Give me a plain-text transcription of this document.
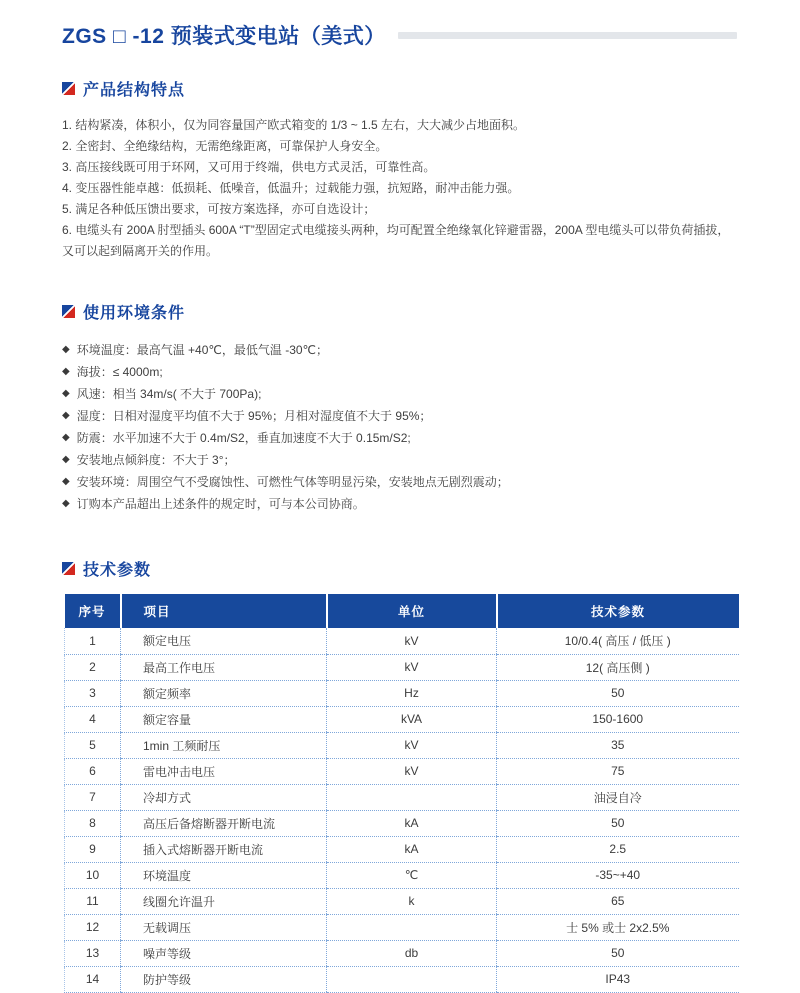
ZGS □ -12 预装式变电站（美式）
产品结构特点

1. 结构紧凑，体积小，仅为同容量国产欧式箱变的 1/3 ~ 1.5 左右，大大减少占地面积。

2. 全密封、全绝缘结构，无需绝缘距离，可靠保护人身安全。

3. 高压接线既可用于环网，又可用于终端，供电方式灵活，可靠性高。

4. 变压器性能卓越：低损耗、低噪音，低温升；过载能力强，抗短路，耐冲击能力强。

5. 满足各种低压馈出要求，可按方案选择，亦可自选设计；

6. 电缆头有 200A 肘型插头 600A “T”型固定式电缆接头两种，均可配置全绝缘氧化锌避雷器，200A 型电缆头可以带负荷插拔，又可以起到隔离开关的作用。

使用环境条件
◆ 环境温度：最高气温 +40℃，最低气温 -30℃；
◆ 海拔：≤ 4000m;
◆ 风速：相当 34m/s( 不大于 700Pa);
◆ 湿度：日相对湿度平均值不大于 95%；月相对湿度值不大于 95%；
◆ 防震：水平加速不大于 0.4m/S2，垂直加速度不大于 0.15m/S2;
◆ 安装地点倾斜度：不大于 3°；
◆ 安装环境：周围空气不受腐蚀性、可燃性气体等明显污染，安装地点无剧烈震动；
◆ 订购本产品超出上述条件的规定时，可与本公司协商。
技术参数
序号	项目	单位	技术参数
1	额定电压	kV	10/0.4( 高压 / 低压 )
2	最高工作电压	kV	12( 高压侧 )
3	额定频率	Hz	50
4	额定容量	kVA	150-1600
5	1min 工频耐压	kV	35
6	雷电冲击电压	kV	75
7	冷却方式		油浸自冷
8	高压后备熔断器开断电流	kA	50
9	插入式熔断器开断电流	kA	2.5
10	环境温度	℃	-35~+40
11	线圈允许温升	k	65
12	无载调压		士 5% 或士 2x2.5%
13	噪声等级	db	50
14	防护等级		IP43
